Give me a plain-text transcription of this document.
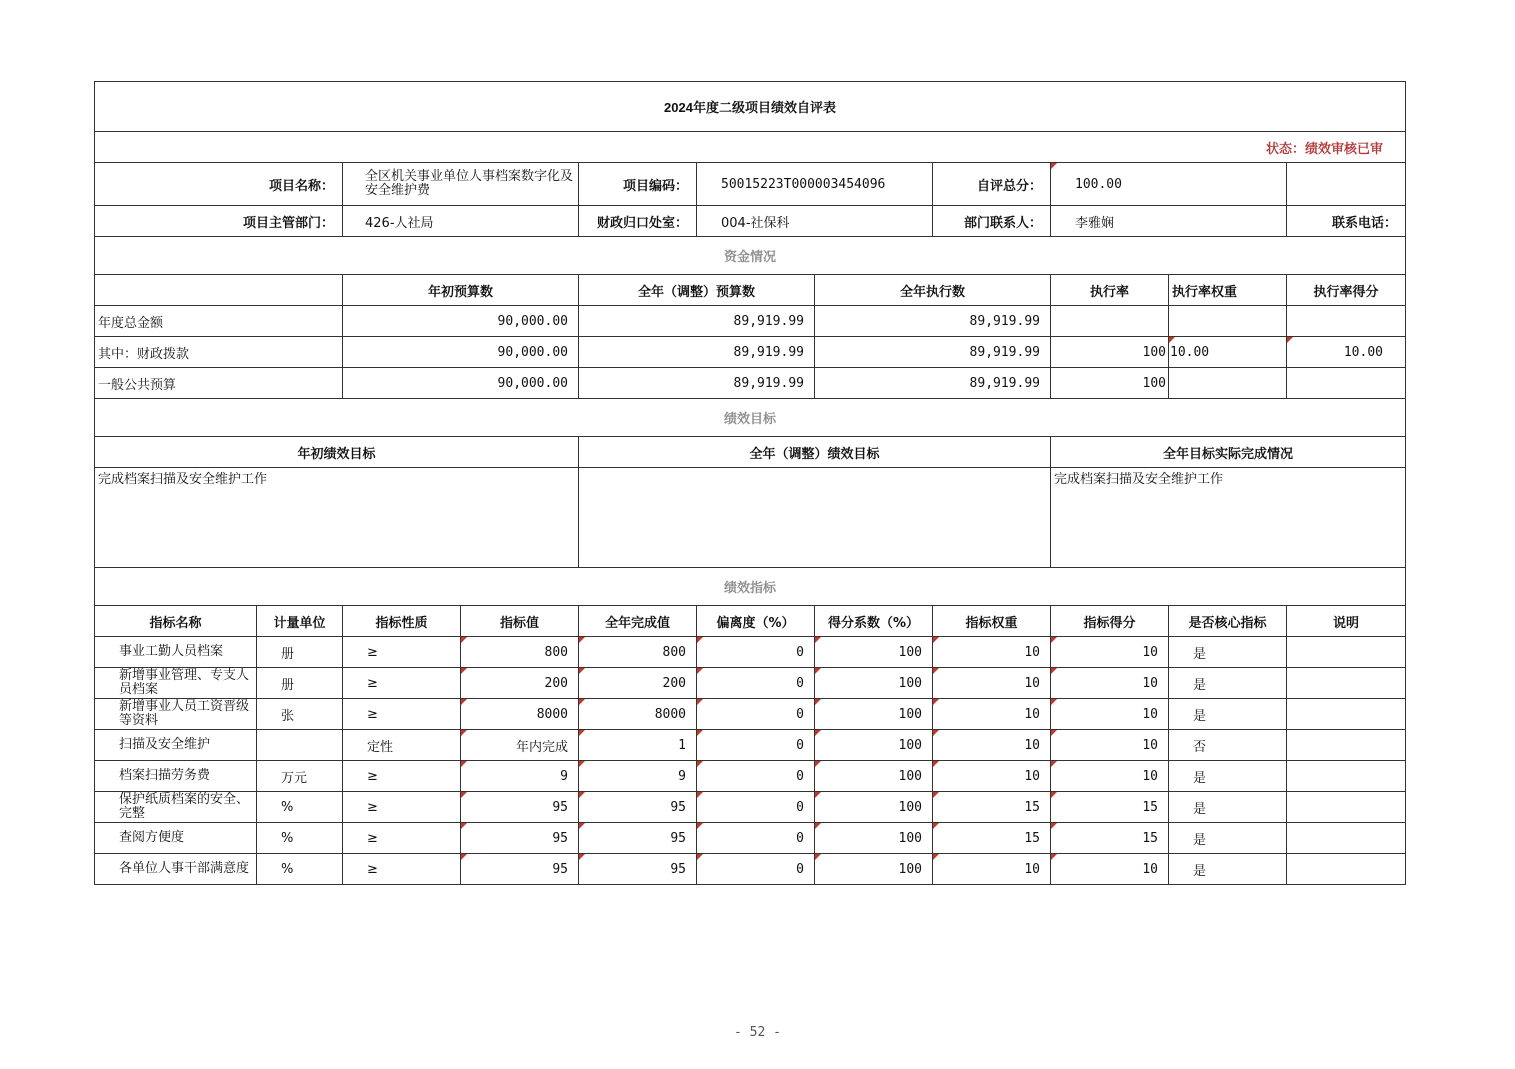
2024年度二级项目绩效自评表											
状态：绩效审核已审											
项目名称：		全区机关事业单位人事档案数字化及安全维护费		项目编码：	50015223T000003454096		自评总分：	100.00			
项目主管部门：		426-人社局		财政归口处室：	004-社保科		部门联系人：	李雅娴		联系电话：	
资金情况											
		年初预算数		全年（调整）预算数		全年执行数		执行率	执行率权重	执行率得分	
年度总金额		90,000.00		89,919.99		89,919.99					
其中：财政拨款		90,000.00		89,919.99		89,919.99		100	10.00	10.00	
一般公共预算		90,000.00		89,919.99		89,919.99		100			
绩效目标											
年初绩效目标				全年（调整）绩效目标				全年目标实际完成情况			
完成档案扫描及安全维护工作								完成档案扫描及安全维护工作			
绩效指标											
指标名称	计量单位	指标性质	指标值	全年完成值	偏离度（%）	得分系数（%）	指标权重	指标得分	是否核心指标	说明	
事业工勤人员档案	册	≥	800	800	0	100	10	10	是		
新增事业管理、专支人员档案	册	≥	200	200	0	100	10	10	是		
新增事业人员工资晋级等资料	张	≥	8000	8000	0	100	10	10	是		
扫描及安全维护		定性	年内完成	1	0	100	10	10	否		
档案扫描劳务费	万元	≥	9	9	0	100	10	10	是		
保护纸质档案的安全、完整	%	≥	95	95	0	100	15	15	是		
查阅方便度	%	≥	95	95	0	100	15	15	是		
各单位人事干部满意度	%	≥	95	95	0	100	10	10	是		
- 52 -
